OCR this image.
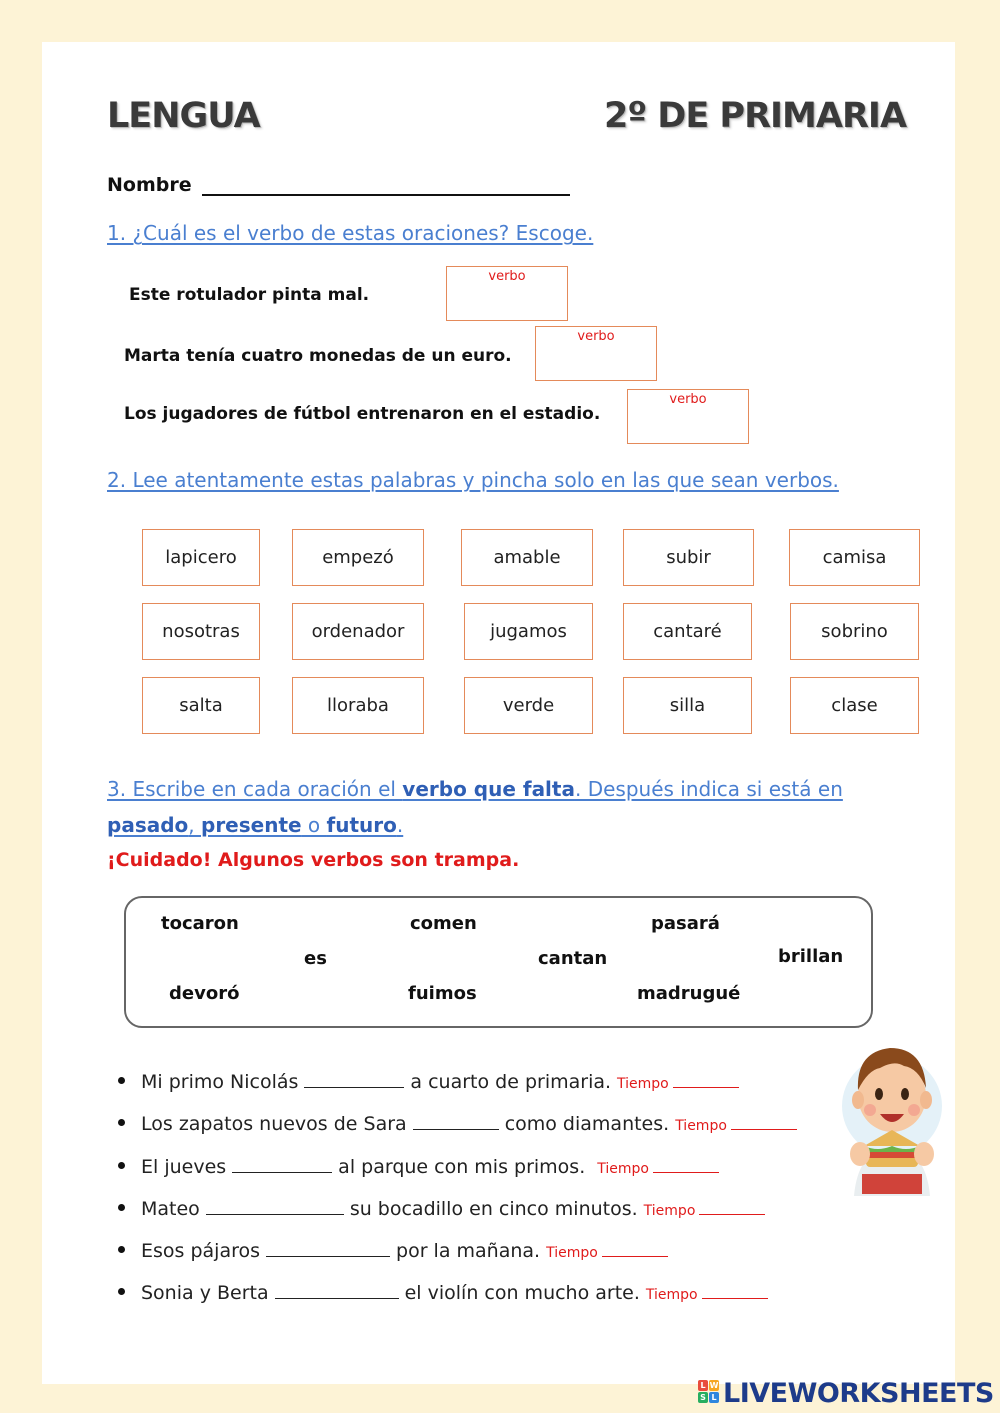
LENGUA	2º DE PRIMARIA
Nombre
1. ¿Cuál es el verbo de estas oraciones? Escoge.
Este rotulador pinta mal.
verbo
Marta tenía cuatro monedas de un euro.
verbo
Los jugadores de fútbol entrenaron en el estadio.
verbo
2. Lee atentamente estas palabras y pincha solo en las que sean verbos.
lapicero	empezó	amable	subir	camisa
nosotras	ordenador	jugamos	cantaré	sobrino
salta	lloraba	verde	silla	clase
3. Escribe en cada oración el verbo que falta. Después indica si está en
pasado, presente o futuro.
¡Cuidado! Algunos verbos son trampa.
tocaron	comen	pasará
es	cantan	brillan
devoró	fuimos	madrugué
Mi primo Nicolás	a cuarto de primaria. Tiempo
Los zapatos nuevos de Sara	como diamantes. Tiempo
El jueves	al parque con mis primos. Tiempo
Mateo	su bocadillo en cinco minutos. Tiempo
Esos pájaros	por la mañana. Tiempo
Sonia y Berta	el violín con mucho arte. Tiempo
L W
S L LIVEWORKSHEETS
